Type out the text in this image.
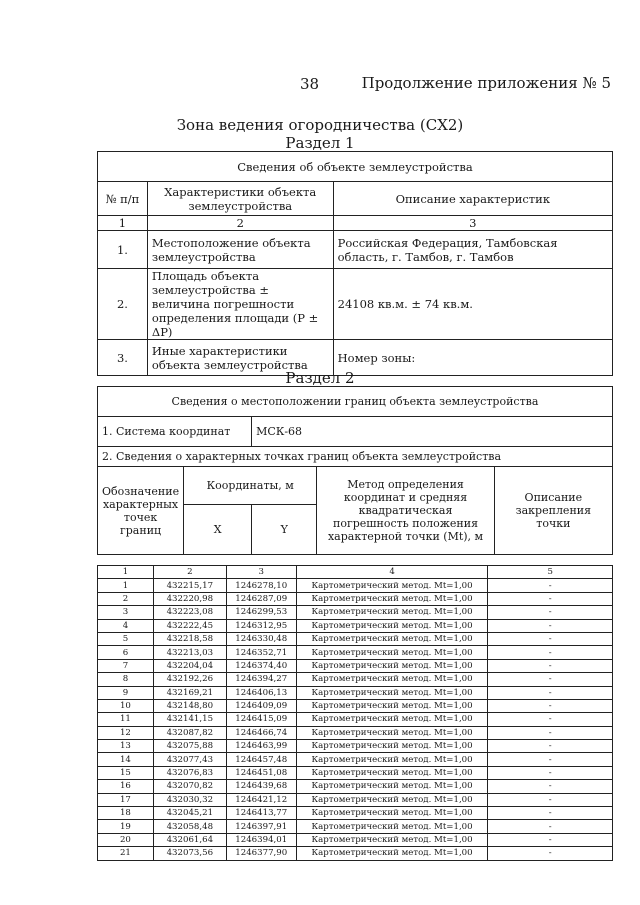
38	Продолжение приложения № 5
Зона ведения огородничества (СХ2)
Раздел 1
Сведения об объекте землеустройства		
№ п/п	Характеристики объекта землеустройства	Описание характеристик
1	2	3
1.	Местоположение объекта землеустройства	Российская Федерация, Тамбовская область, г. Тамбов, г. Тамбов
2.	Площадь объекта землеустройства ± величина погрешности определения площади (P ± ΔP)	24108 кв.м. ± 74 кв.м.
3.	Иные характеристики объекта землеустройства	Номер зоны:
Раздел 2
Сведения о местоположении границ объекта землеустройства				
1. Система координат		МСК-68		
2. Сведения о характерных точках границ объекта землеустройства				
Обозначение характерных точек границ	Координаты, м		Метод определения координат и средняя квадратическая погрешность положения характерной точки (Mt), м	Описание закрепления точки
	X	Y		
1	2	3	4	5
1	432215,17	1246278,10	Картометрический метод. Mt=1,00	-
2	432220,98	1246287,09	Картометрический метод. Mt=1,00	-
3	432223,08	1246299,53	Картометрический метод. Mt=1,00	-
4	432222,45	1246312,95	Картометрический метод. Mt=1,00	-
5	432218,58	1246330,48	Картометрический метод. Mt=1,00	-
6	432213,03	1246352,71	Картометрический метод. Mt=1,00	-
7	432204,04	1246374,40	Картометрический метод. Mt=1,00	-
8	432192,26	1246394,27	Картометрический метод. Mt=1,00	-
9	432169,21	1246406,13	Картометрический метод. Mt=1,00	-
10	432148,80	1246409,09	Картометрический метод. Mt=1,00	-
11	432141,15	1246415,09	Картометрический метод. Mt=1,00	-
12	432087,82	1246466,74	Картометрический метод. Mt=1,00	-
13	432075,88	1246463,99	Картометрический метод. Mt=1,00	-
14	432077,43	1246457,48	Картометрический метод. Mt=1,00	-
15	432076,83	1246451,08	Картометрический метод. Mt=1,00	-
16	432070,82	1246439,68	Картометрический метод. Mt=1,00	-
17	432030,32	1246421,12	Картометрический метод. Mt=1,00	-
18	432045,21	1246413,77	Картометрический метод. Mt=1,00	-
19	432058,48	1246397,91	Картометрический метод. Mt=1,00	-
20	432061,64	1246394,01	Картометрический метод. Mt=1,00	-
21	432073,56	1246377,90	Картометрический метод. Mt=1,00	-
